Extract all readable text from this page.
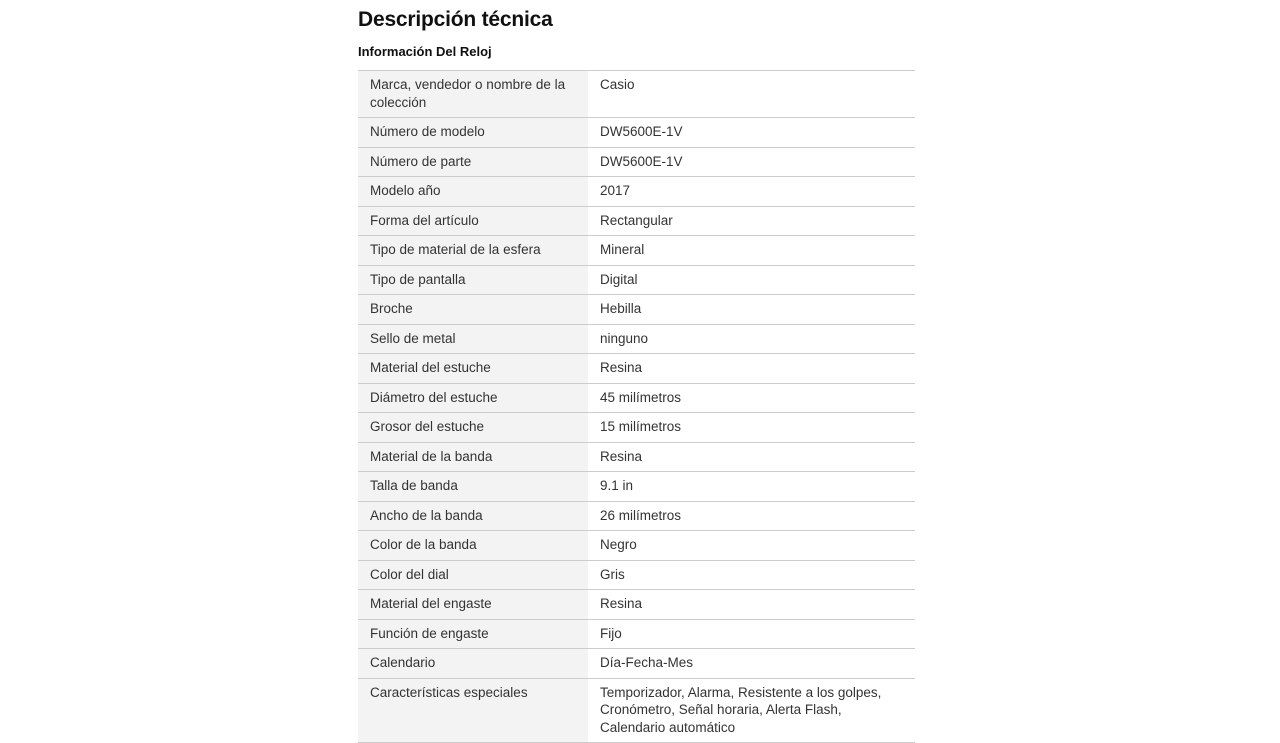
Descripción técnica
Información Del Reloj
Marca, vendedor o nombre de la colección	Casio
Número de modelo	DW5600E-1V
Número de parte	DW5600E-1V
Modelo año	2017
Forma del artículo	Rectangular
Tipo de material de la esfera	Mineral
Tipo de pantalla	Digital
Broche	Hebilla
Sello de metal	ninguno
Material del estuche	Resina
Diámetro del estuche	45 milímetros
Grosor del estuche	15 milímetros
Material de la banda	Resina
Talla de banda	9.1 in
Ancho de la banda	26 milímetros
Color de la banda	Negro
Color del dial	Gris
Material del engaste	Resina
Función de engaste	Fijo
Calendario	Día-Fecha-Mes
Características especiales	Temporizador, Alarma, Resistente a los golpes, Cronómetro, Señal horaria, Alerta Flash, Calendario automático
